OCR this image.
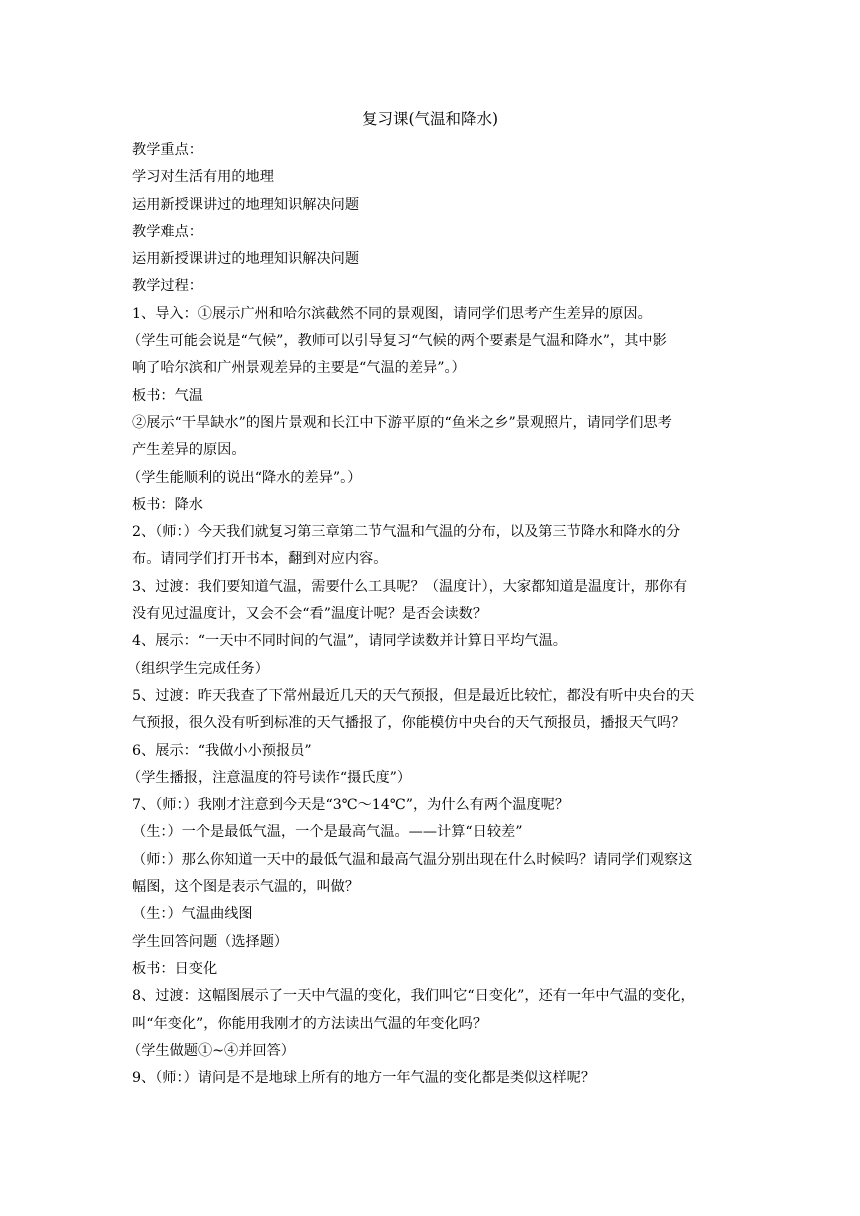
复习课(气温和降水)
教学重点：
学习对生活有用的地理
运用新授课讲过的地理知识解决问题
教学难点：
运用新授课讲过的地理知识解决问题
教学过程：
1、导入：①展示广州和哈尔滨截然不同的景观图，请同学们思考产生差异的原因。
（学生可能会说是“气候”，教师可以引导复习“气候的两个要素是气温和降水”，其中影
响了哈尔滨和广州景观差异的主要是“气温的差异”。）
板书：气温
②展示“干旱缺水”的图片景观和长江中下游平原的“鱼米之乡”景观照片，请同学们思考
产生差异的原因。
（学生能顺利的说出“降水的差异”。）
板书：降水
2、（师：）今天我们就复习第三章第二节气温和气温的分布，以及第三节降水和降水的分
布。请同学们打开书本，翻到对应内容。
3、过渡：我们要知道气温，需要什么工具呢？（温度计），大家都知道是温度计，那你有
没有见过温度计，又会不会“看”温度计呢？是否会读数？
4、展示：“一天中不同时间的气温”，请同学读数并计算日平均气温。
（组织学生完成任务）
5、过渡：昨天我查了下常州最近几天的天气预报，但是最近比较忙，都没有听中央台的天
气预报，很久没有听到标准的天气播报了，你能模仿中央台的天气预报员，播报天气吗？
6、展示：“我做小小预报员”
（学生播报，注意温度的符号读作“摄氏度”）
7、（师：）我刚才注意到今天是“3℃～14℃”，为什么有两个温度呢？
（生：）一个是最低气温，一个是最高气温。——计算“日较差”
（师：）那么你知道一天中的最低气温和最高气温分别出现在什么时候吗？请同学们观察这
幅图，这个图是表示气温的，叫做？
（生：）气温曲线图
学生回答问题（选择题）
板书：日变化
8、过渡：这幅图展示了一天中气温的变化，我们叫它“日变化”，还有一年中气温的变化，
叫“年变化”，你能用我刚才的方法读出气温的年变化吗？
（学生做题①~④并回答）
9、（师：）请问是不是地球上所有的地方一年气温的变化都是类似这样呢？
